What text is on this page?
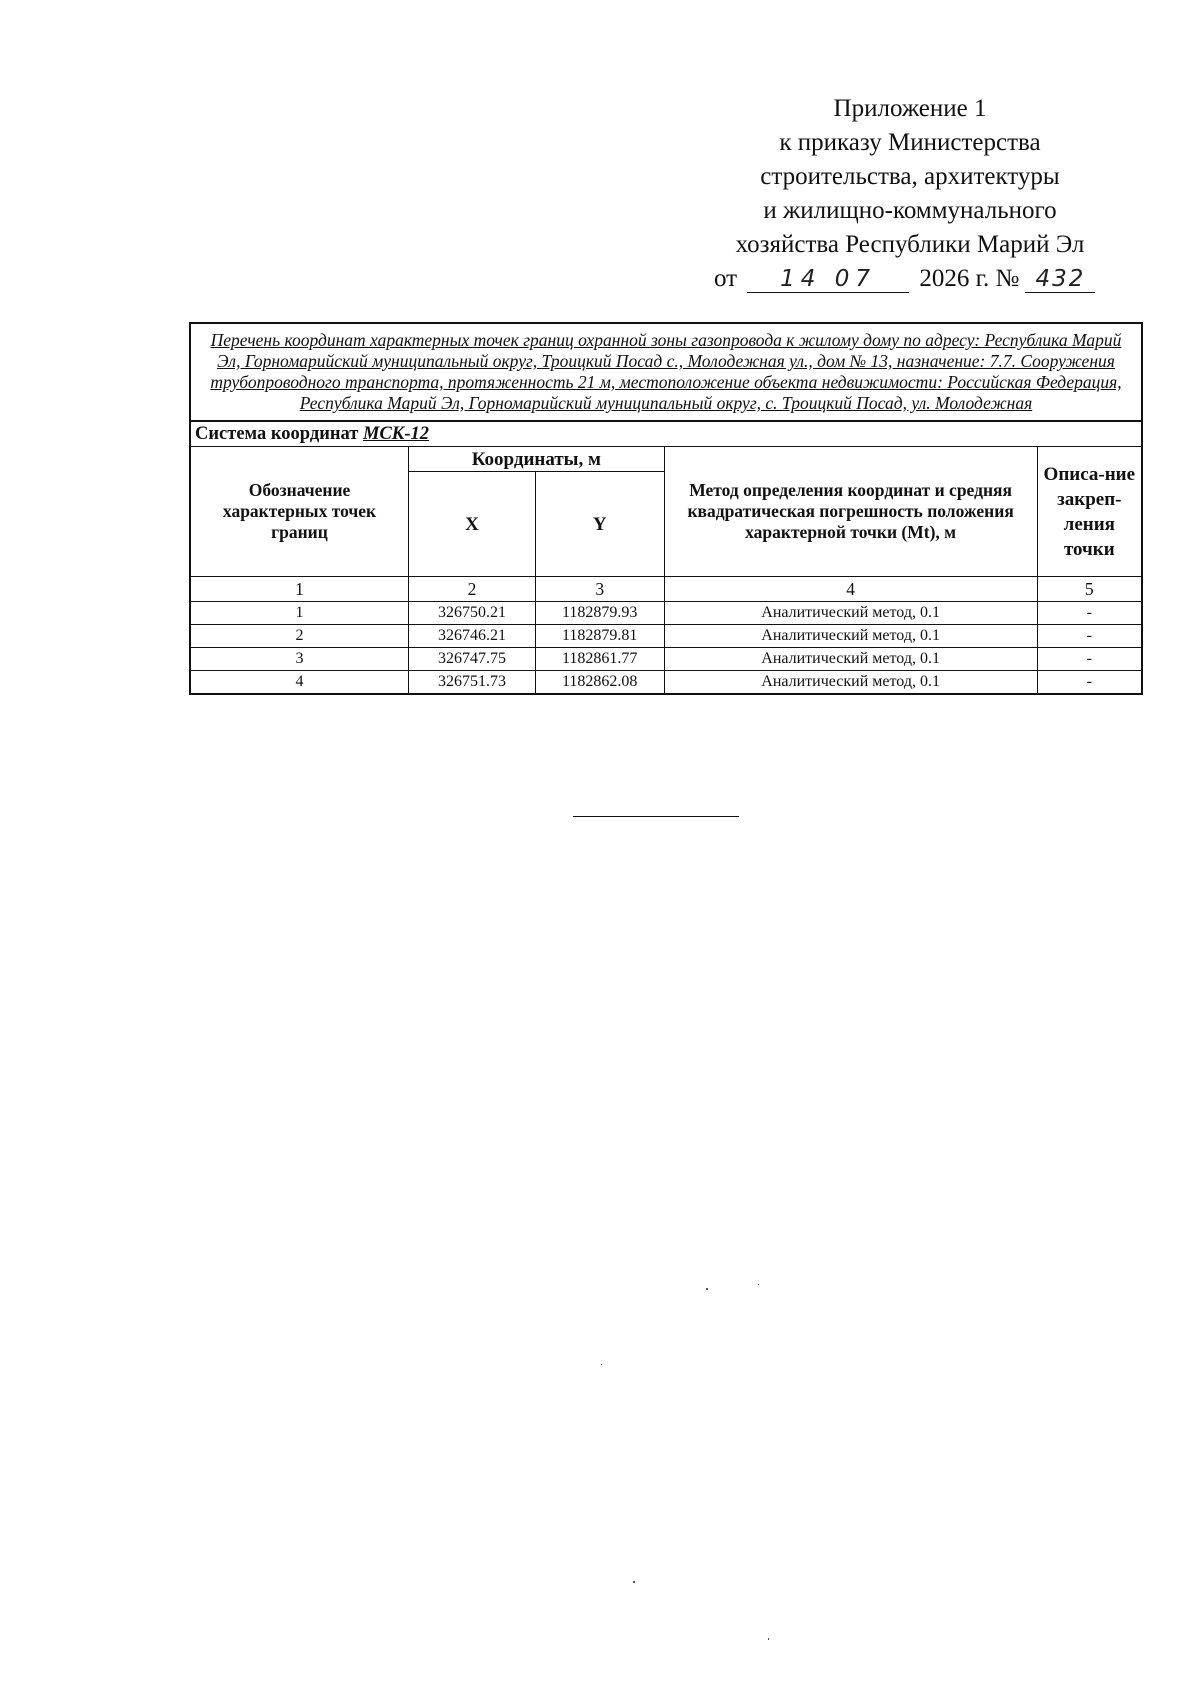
Приложение 1
к приказу Министерства
строительства, архитектуры
и жилищно-коммунального
хозяйства Республики Марий Эл
от 14 07 2026 г. № 432
Перечень координат характерных точек границ охранной зоны газопровода к жилому дому по адресу: Республика Марий Эл, Горномарийский муниципальный округ, Троицкий Посад с., Молодежная ул., дом № 13, назначение: 7.7. Сооружения трубопроводного транспорта, протяженность 21 м, местоположение объекта недвижимости: Российская Федерация, Республика Марий Эл, Горномарийский муниципальный округ, с. Троицкий Посад, ул. Молодежная				
Система координат МСК-12				
Обозначение характерных точек границ	Координаты, м		Метод определения координат и средняя квадратическая погрешность положения характерной точки (Mt), м	Описа-ние закреп-ления точки
	X	Y		
1	2	3	4	5
1	326750.21	1182879.93	Аналитический метод, 0.1	-
2	326746.21	1182879.81	Аналитический метод, 0.1	-
3	326747.75	1182861.77	Аналитический метод, 0.1	-
4	326751.73	1182862.08	Аналитический метод, 0.1	-
